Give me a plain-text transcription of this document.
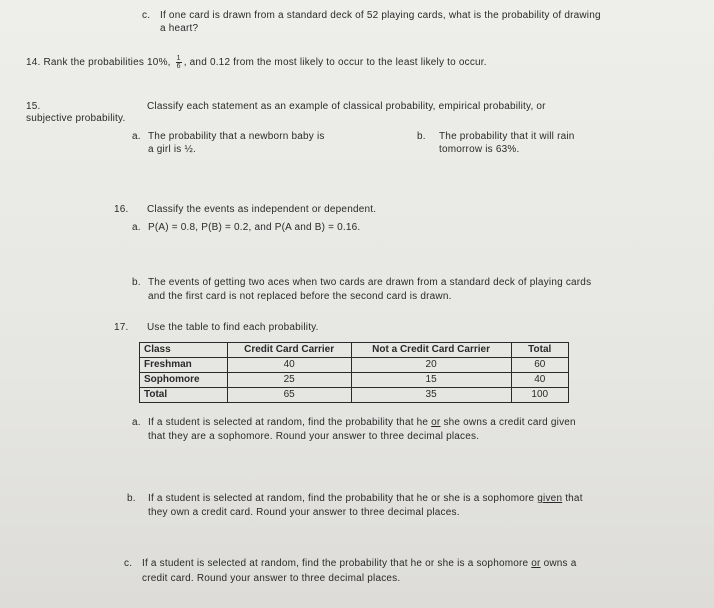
c. If one card is drawn from a standard deck of 52 playing cards, what is the probability of drawing
a heart?
14. Rank the probabilities 10%, $\frac{1}{6}$ , and 0.12 from the most likely to occur to the least likely to occur.
15.	Classify each statement as an example of classical probability, empirical probability, or
subjective probability.
a. The probability that a newborn baby is
a girl is ½.
b. The probability that it will rain
tomorrow is 63%.
16. Classify the events as independent or dependent.
a. P(A) = 0.8, P(B) = 0.2, and P(A and B) = 0.16.
b. The events of getting two aces when two cards are drawn from a standard deck of playing cards
and the first card is not replaced before the second card is drawn.
17. Use the table to find each probability.
Class	Credit Card Carrier	Not a Credit Card Carrier	Total
Freshman	40	20	60
Sophomore	25	15	40
Total	65	35	100
a. If a student is selected at random, find the probability that he or she owns a credit card given
that they are a sophomore. Round your answer to three decimal places.
b. If a student is selected at random, find the probability that he or she is a sophomore given that
they own a credit card. Round your answer to three decimal places.
c. If a student is selected at random, find the probability that he or she is a sophomore or owns a
credit card. Round your answer to three decimal places.
